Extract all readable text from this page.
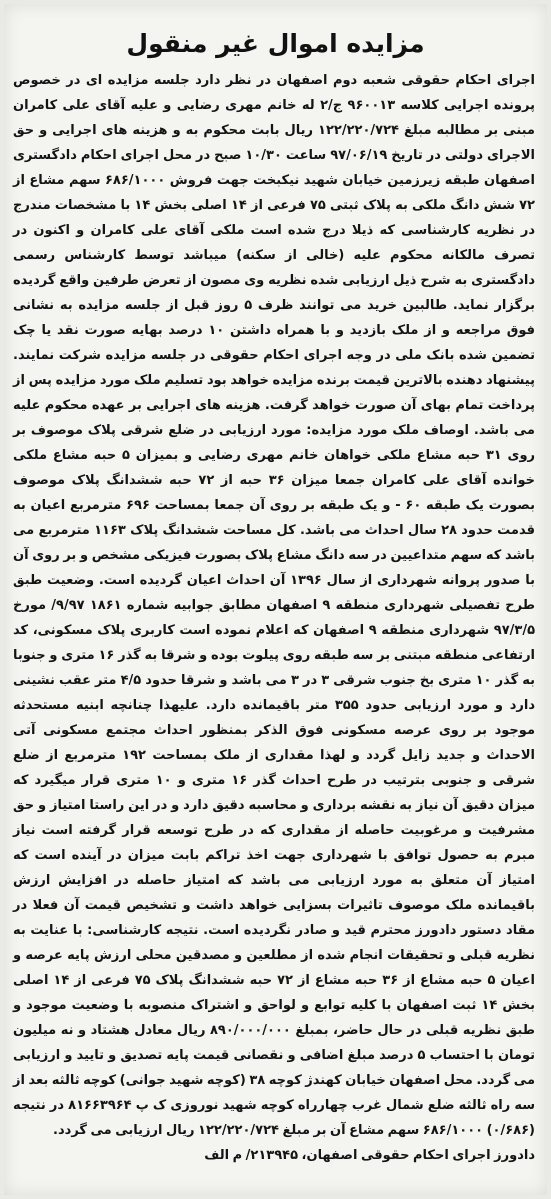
مزایده اموال غیر منقول

اجرای احکام حقوقی شعبه دوم اصفهان در نظر دارد جلسه مزایده ای در خصوص پرونده اجرایی کلاسه ۹۶۰۰۱۳ ج/۲ له خانم مهری رضایی و علیه آقای علی کامران مبنی بر مطالبه مبلغ ۱۲۲/۲۲۰/۷۲۴ ریال بابت محکوم به و هزینه های اجرایی و حق الاجرای دولتی در تاریخ ۹۷/۰۶/۱۹ ساعت ۱۰/۳۰ صبح در محل اجرای احکام دادگستری اصفهان طبقه زیرزمین خیابان شهید نیکبخت جهت فروش ۶۸۶/۱۰۰۰ سهم مشاع از ۷۲ شش دانگ ملکی به پلاک ثبتی ۷۵ فرعی از ۱۴ اصلی بخش ۱۴ با مشخصات مندرج در نظریه کارشناسی که ذیلا درج شده است ملکی آقای علی کامران و اکنون در تصرف مالکانه محکوم علیه (خالی از سکنه) میباشد توسط کارشناس رسمی دادگستری به شرح ذیل ارزیابی شده نظریه وی مصون از تعرض طرفین واقع گردیده برگزار نماید. طالبین خرید می توانند ظرف ۵ روز قبل از جلسه مزایده به نشانی فوق مراجعه و از ملک بازدید و با همراه داشتن ۱۰ درصد بهایه صورت نقد یا چک تضمین شده بانک ملی در وجه اجرای احکام حقوقی در جلسه مزایده شرکت نمایند. پیشنهاد دهنده بالاترین قیمت برنده مزایده خواهد بود تسلیم ملک مورد مزایده پس از پرداخت تمام بهای آن صورت خواهد گرفت. هزینه های اجرایی بر عهده محکوم علیه می باشد. اوصاف ملک مورد مزایده: مورد ارزیابی در ضلع شرقی پلاک موصوف بر روی ۳۱ حبه مشاع ملکی خواهان خانم مهری رضایی و بمیزان ۵ حبه مشاع ملکی خوانده آقای علی کامران جمعا میزان ۳۶ حبه از ۷۲ حبه ششدانگ پلاک موصوف بصورت یک طبقه ۶۰ - و یک طبقه بر روی آن جمعا بمساحت ۶۹۶ مترمربع اعیان به قدمت حدود ۲۸ سال احداث می باشد. کل مساحت ششدانگ پلاک ۱۱۶۳ مترمربع می باشد که سهم متداعیین در سه دانگ مشاع پلاک بصورت فیزیکی مشخص و بر روی آن با صدور پروانه شهرداری از سال ۱۳۹۶ آن احداث اعیان گردیده است. وضعیت طبق طرح تفصیلی شهرداری منطقه ۹ اصفهان مطابق جوابیه شماره ۱۸۶۱ ۹/۹۷/ مورخ ۹۷/۳/۵ شهرداری منطقه ۹ اصفهان که اعلام نموده است کاربری پلاک مسکونی، کد ارتفاعی منطقه مبتنی بر سه طبقه روی پیلوت بوده و شرقا به گذر ۱۶ متری و جنوبا به گذر ۱۰ متری بخ جنوب شرقی ۳ در ۳ می باشد و شرقا حدود ۴/۵ متر عقب نشینی دارد و مورد ارزیابی حدود ۳۵۵ متر باقیمانده دارد. علیهذا چنانچه ابنیه مستحدثه موجود بر روی عرصه مسکونی فوق الذکر بمنظور احداث مجتمع مسکونی آتی الاحداث و جدید زایل گردد و لهذا مقداری از ملک بمساحت ۱۹۲ مترمربع از ضلع شرقی و جنوبی بترتیب در طرح احداث گذر ۱۶ متری و ۱۰ متری قرار میگیرد که میزان دقیق آن نیاز به نقشه برداری و محاسبه دقیق دارد و در این راستا امتیاز و حق مشرفیت و مرغوبیت حاصله از مقداری که در طرح توسعه قرار گرفته است نیاز مبرم به حصول توافق با شهرداری جهت اخذ تراکم بابت میزان در آینده است که امتیاز آن متعلق به مورد ارزیابی می باشد که امتیاز حاصله در افزایش ارزش باقیمانده ملک موصوف تاثیرات بسزایی خواهد داشت و تشخیص قیمت آن فعلا در مقاد دستور دادورز محترم قید و صادر نگردیده است. نتیجه کارشناسی: با عنایت به نظریه قبلی و تحقیقات انجام شده از مطلعین و مصدقین محلی ارزش پایه عرصه و اعیان ۵ حبه مشاع از ۳۶ حبه مشاع از ۷۲ حبه ششدانگ پلاک ۷۵ فرعی از ۱۴ اصلی بخش ۱۴ ثبت اصفهان با کلیه توابع و لواحق و اشتراک منصوبه با وضعیت موجود و طبق نظریه قبلی در حال حاضر، بمبلغ ۸۹۰/۰۰۰/۰۰۰ ریال معادل هشتاد و نه میلیون تومان با احتساب ۵ درصد مبلغ اضافی و نقصانی قیمت پایه تصدیق و تایید و ارزیابی می گردد. محل اصفهان خیابان کهندژ کوچه ۳۸ (کوچه شهید جوانی) کوچه ثالثه بعد از سه راه ثالثه ضلع شمال غرب چهارراه کوچه شهید نوروزی ک پ ۸۱۶۶۳۹۶۴ در نتیجه (۰/۶۸۶) ۶۸۶/۱۰۰۰ سهم مشاع آن بر مبلغ ۱۲۲/۲۲۰/۷۲۴ ریال ارزیابی می گردد.

دادورز اجرای احکام حقوقی اصفهان، ۲۱۳۹۴۵/ م الف
